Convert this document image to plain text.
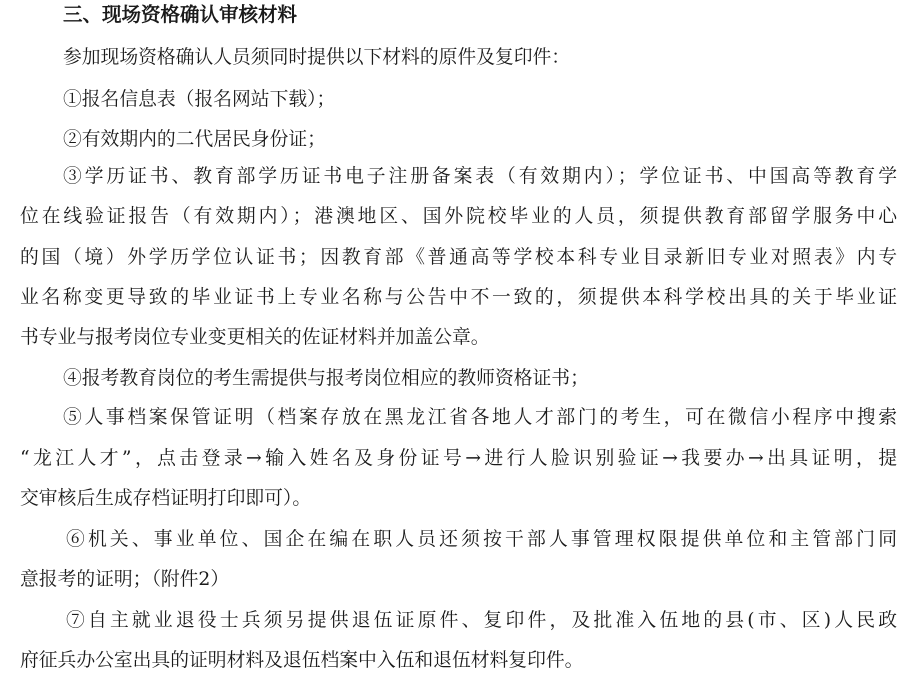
三、现场资格确认审核材料
参加现场资格确认人员须同时提供以下材料的原件及复印件：
①报名信息表（报名网站下载）；
②有效期内的二代居民身份证；
③学历证书、教育部学历证书电子注册备案表（有效期内）；学位证书、中国高等教育学
位在线验证报告（有效期内）；港澳地区、国外院校毕业的人员，须提供教育部留学服务中心
的国（境）外学历学位认证书；因教育部《普通高等学校本科专业目录新旧专业对照表》内专
业名称变更导致的毕业证书上专业名称与公告中不一致的，须提供本科学校出具的关于毕业证
书专业与报考岗位专业变更相关的佐证材料并加盖公章。
④报考教育岗位的考生需提供与报考岗位相应的教师资格证书；
⑤人事档案保管证明（档案存放在黑龙江省各地人才部门的考生，可在微信小程序中搜索
“龙江人才”，点击登录→输入姓名及身份证号→进行人脸识别验证→我要办→出具证明，提
交审核后生成存档证明打印即可）。
⑥机关、事业单位、国企在编在职人员还须按干部人事管理权限提供单位和主管部门同
意报考的证明；（附件2）
⑦自主就业退役士兵须另提供退伍证原件、复印件，及批准入伍地的县(市、区)人民政
府征兵办公室出具的证明材料及退伍档案中入伍和退伍材料复印件。
